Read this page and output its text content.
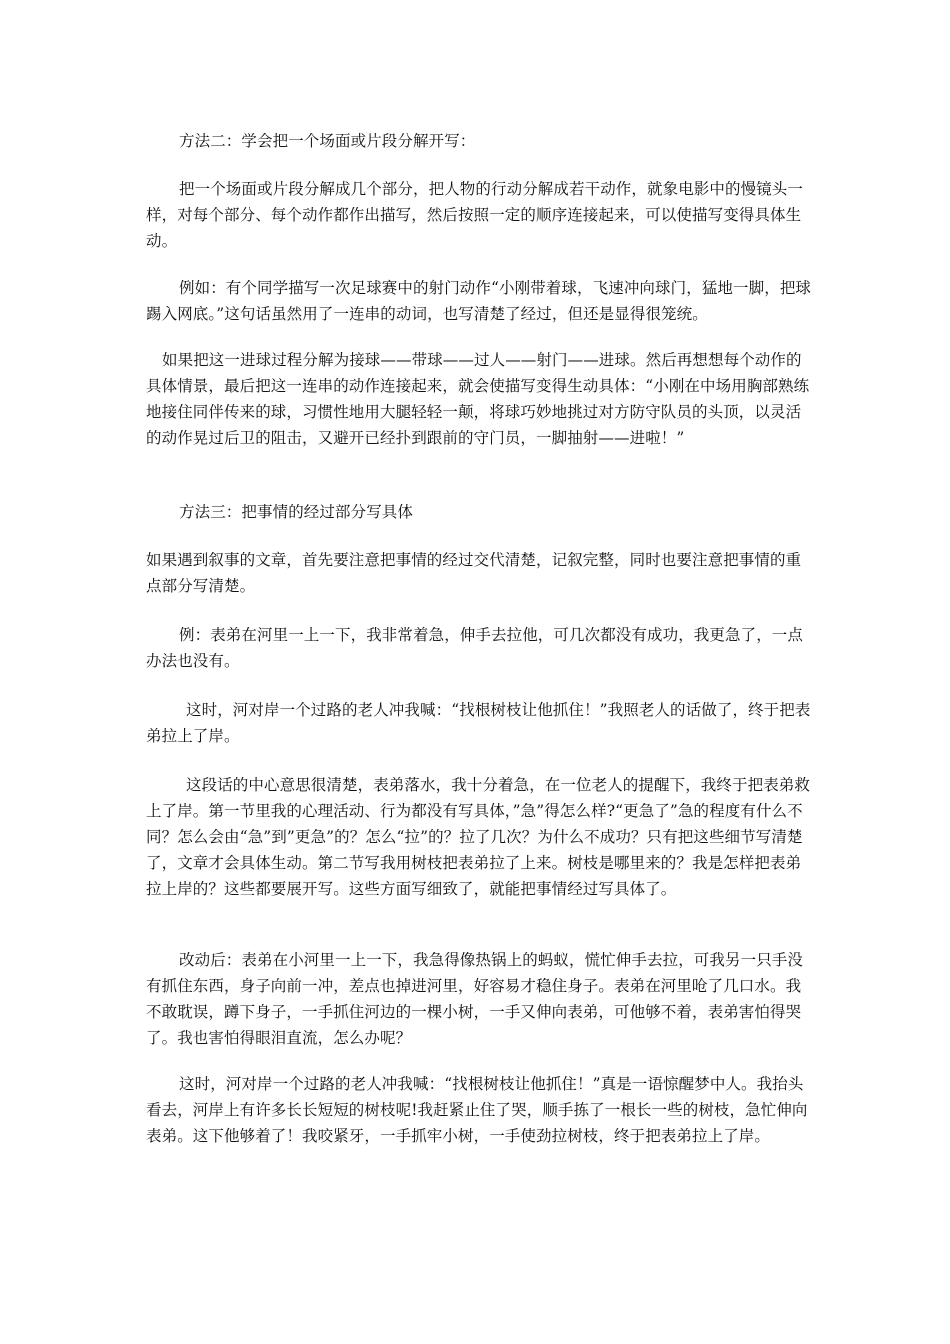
方法二：学会把一个场面或片段分解开写：

把一个场面或片段分解成几个部分，把人物的行动分解成若干动作，就象电影中的慢镜头一样，对每个部分、每个动作都作出描写，然后按照一定的顺序连接起来，可以使描写变得具体生动。

例如：有个同学描写一次足球赛中的射门动作“小刚带着球，飞速冲向球门，猛地一脚，把球踢入网底。”这句话虽然用了一连串的动词，也写清楚了经过，但还是显得很笼统。

如果把这一进球过程分解为接球——带球——过人——射门——进球。然后再想想每个动作的具体情景，最后把这一连串的动作连接起来，就会使描写变得生动具体：“小刚在中场用胸部熟练地接住同伴传来的球，习惯性地用大腿轻轻一颠，将球巧妙地挑过对方防守队员的头顶，以灵活的动作晃过后卫的阻击，又避开已经扑到跟前的守门员，一脚抽射——进啦！”

方法三：把事情的经过部分写具体

如果遇到叙事的文章，首先要注意把事情的经过交代清楚，记叙完整，同时也要注意把事情的重点部分写清楚。

例：表弟在河里一上一下，我非常着急，伸手去拉他，可几次都没有成功，我更急了，一点办法也没有。

这时，河对岸一个过路的老人冲我喊：“找根树枝让他抓住！”我照老人的话做了，终于把表弟拉上了岸。

这段话的中心意思很清楚，表弟落水，我十分着急，在一位老人的提醒下，我终于把表弟救上了岸。第一节里我的心理活动、行为都没有写具体，”急”得怎么样?“更急了”急的程度有什么不同？怎么会由“急”到”更急”的？怎么“拉”的？拉了几次？为什么不成功？只有把这些细节写清楚了，文章才会具体生动。第二节写我用树枝把表弟拉了上来。树枝是哪里来的？我是怎样把表弟拉上岸的？这些都要展开写。这些方面写细致了，就能把事情经过写具体了。

改动后：表弟在小河里一上一下，我急得像热锅上的蚂蚁，慌忙伸手去拉，可我另一只手没有抓住东西，身子向前一冲，差点也掉进河里，好容易才稳住身子。表弟在河里呛了几口水。我不敢耽误，蹲下身子，一手抓住河边的一棵小树，一手又伸向表弟，可他够不着，表弟害怕得哭了。我也害怕得眼泪直流，怎么办呢？

这时，河对岸一个过路的老人冲我喊：“找根树枝让他抓住！”真是一语惊醒梦中人。我抬头看去，河岸上有许多长长短短的树枝呢!我赶紧止住了哭，顺手拣了一根长一些的树枝，急忙伸向表弟。这下他够着了！我咬紧牙，一手抓牢小树，一手使劲拉树枝，终于把表弟拉上了岸。
